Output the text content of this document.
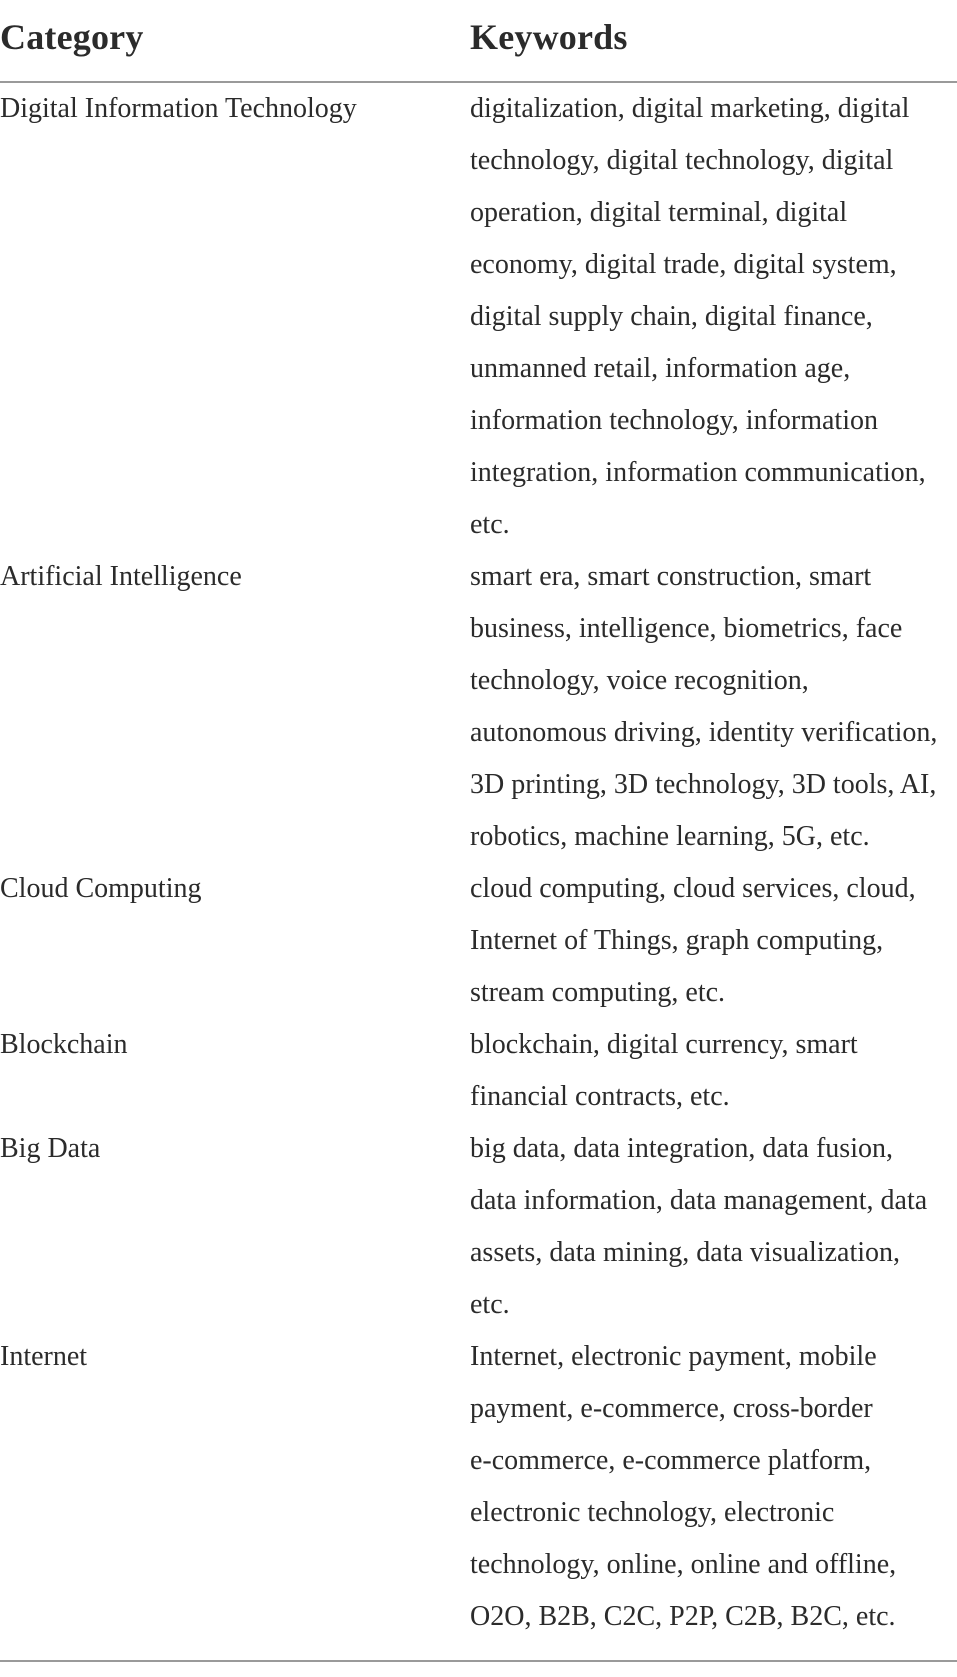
Category	Keywords
Digital Information Technology	digitalization, digital marketing, digital
technology, digital technology, digital
operation, digital terminal, digital
economy, digital trade, digital system,
digital supply chain, digital finance,
unmanned retail, information age,
information technology, information
integration, information communication,
etc.
Artificial Intelligence	smart era, smart construction, smart
business, intelligence, biometrics, face
technology, voice recognition,
autonomous driving, identity verification,
3D printing, 3D technology, 3D tools, AI,
robotics, machine learning, 5G, etc.
Cloud Computing	cloud computing, cloud services, cloud,
Internet of Things, graph computing,
stream computing, etc.
Blockchain	blockchain, digital currency, smart
financial contracts, etc.
Big Data	big data, data integration, data fusion,
data information, data management, data
assets, data mining, data visualization,
etc.
Internet	Internet, electronic payment, mobile
payment, e-commerce, cross-border
e-commerce, e-commerce platform,
electronic technology, electronic
technology, online, online and offline,
O2O, B2B, C2C, P2P, C2B, B2C, etc.
